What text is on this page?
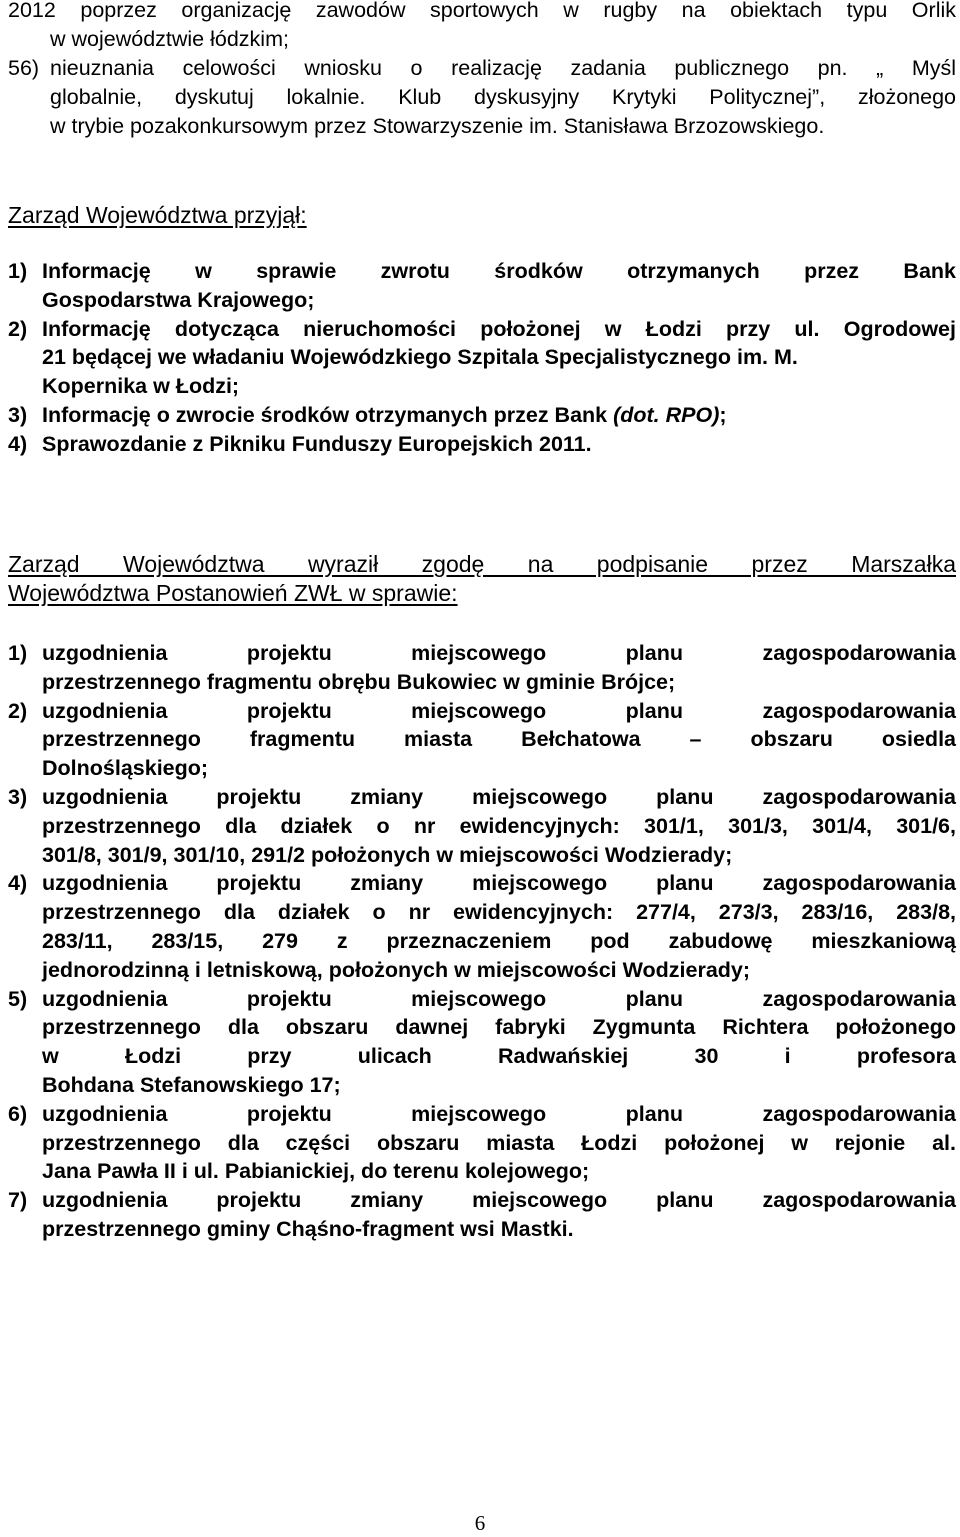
2012 poprzez organizację zawodów sportowych w rugby na obiektach typu Orlik
w województwie łódzkim;
56) nieuznania celowości wniosku o realizację zadania publicznego pn. „ Myśl
globalnie, dyskutuj lokalnie. Klub dyskusyjny Krytyki Politycznej”, złożonego
w trybie pozakonkursowym przez Stowarzyszenie im. Stanisława Brzozowskiego.
Zarząd Województwa przyjął:
1) Informację w sprawie zwrotu środków otrzymanych przez Bank
Gospodarstwa Krajowego;
2) Informację dotycząca nieruchomości położonej w Łodzi przy ul. Ogrodowej
21 będącej we władaniu Wojewódzkiego Szpitala Specjalistycznego im. M.
Kopernika w Łodzi;
3) Informację o zwrocie środków otrzymanych przez Bank (dot. RPO);
4) Sprawozdanie z Pikniku Funduszy Europejskich 2011.
Zarząd Województwa wyraził zgodę na podpisanie przez Marszałka
Województwa Postanowień ZWŁ w sprawie:
1) uzgodnienia projektu miejscowego planu zagospodarowania
przestrzennego fragmentu obrębu Bukowiec w gminie Brójce;
2) uzgodnienia projektu miejscowego planu zagospodarowania
przestrzennego fragmentu miasta Bełchatowa – obszaru osiedla
Dolnośląskiego;
3) uzgodnienia projektu zmiany miejscowego planu zagospodarowania
przestrzennego dla działek o nr ewidencyjnych: 301/1, 301/3, 301/4, 301/6,
301/8, 301/9, 301/10, 291/2 położonych w miejscowości Wodzierady;
4) uzgodnienia projektu zmiany miejscowego planu zagospodarowania
przestrzennego dla działek o nr ewidencyjnych: 277/4, 273/3, 283/16, 283/8,
283/11, 283/15, 279 z przeznaczeniem pod zabudowę mieszkaniową
jednorodzinną i letniskową, położonych w miejscowości Wodzierady;
5) uzgodnienia projektu miejscowego planu zagospodarowania
przestrzennego dla obszaru dawnej fabryki Zygmunta Richtera położonego
w Łodzi przy ulicach Radwańskiej 30 i profesora
Bohdana Stefanowskiego 17;
6) uzgodnienia projektu miejscowego planu zagospodarowania
przestrzennego dla części obszaru miasta Łodzi położonej w rejonie al.
Jana Pawła II i ul. Pabianickiej, do terenu kolejowego;
7) uzgodnienia projektu zmiany miejscowego planu zagospodarowania
przestrzennego gminy Chąśno-fragment wsi Mastki.
6
